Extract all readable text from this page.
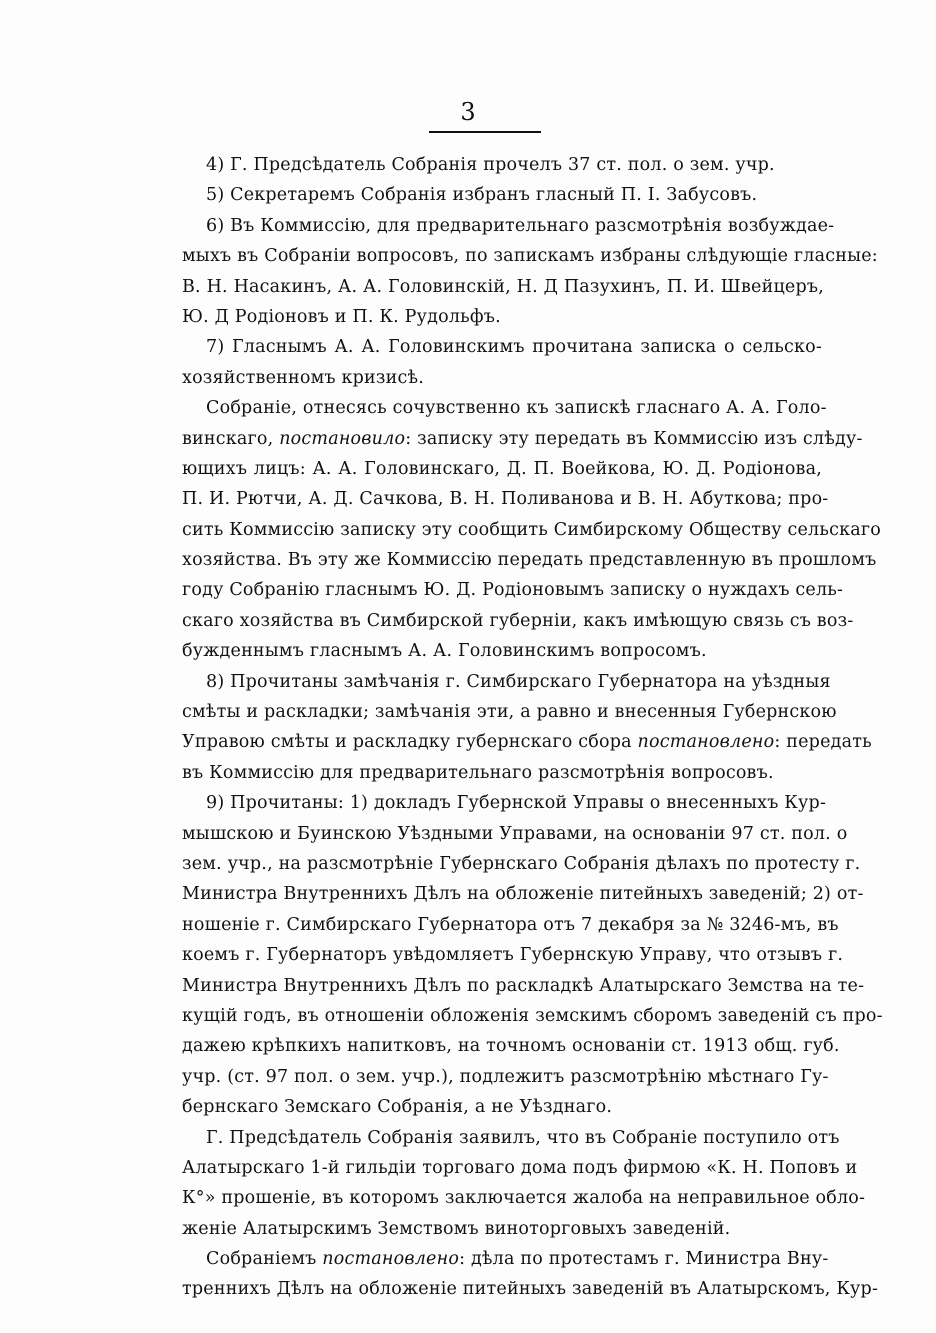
3

4) Г. Предсѣдатель Собранія прочелъ 37 ст. пол. о зем. учр.

5) Секретаремъ Собранія избранъ гласный П. І. Забусовъ.

6) Въ Коммиссію, для предварительнаго разсмотрѣнія возбуждае-
мыхъ въ Собраніи вопросовъ, по запискамъ избраны слѣдующіе гласные:
В. Н. Насакинъ, А. А. Головинскій, Н. Д Пазухинъ, П. И. Швейцеръ,
Ю. Д Родіоновъ и П. К. Рудольфъ.

7) Гласнымъ А. А. Головинскимъ прочитана записка о сельско-
хозяйственномъ кризисѣ.

Собраніе, отнесясь сочувственно къ запискѣ гласнаго А. А. Голо-
винскаго, постановило: записку эту передать въ Коммиссію изъ слѣду-
ющихъ лицъ: А. А. Головинскаго, Д. П. Воейкова, Ю. Д. Родіонова,
П. И. Рютчи, А. Д. Сачкова, В. Н. Поливанова и В. Н. Абуткова; про-
сить Коммиссію записку эту сообщить Симбирскому Обществу сельскаго
хозяйства. Въ эту же Коммиссію передать представленную въ прошломъ
году Собранію гласнымъ Ю. Д. Родіоновымъ записку о нуждахъ сель-
скаго хозяйства въ Симбирской губерніи, какъ имѣющую связь съ воз-
бужденнымъ гласнымъ А. А. Головинскимъ вопросомъ.

8) Прочитаны замѣчанія г. Симбирскаго Губернатора на уѣздныя
смѣты и раскладки; замѣчанія эти, а равно и внесенныя Губернскою
Управою смѣты и раскладку губернскаго сбора постановлено: передать
въ Коммиссію для предварительнаго разсмотрѣнія вопросовъ.

9) Прочитаны: 1) докладъ Губернской Управы о внесенныхъ Кур-
мышскою и Буинскою Уѣздными Управами, на основаніи 97 ст. пол. о
зем. учр., на разсмотрѣніе Губернскаго Собранія дѣлахъ по протесту г.
Министра Внутреннихъ Дѣлъ на обложеніе питейныхъ заведеній; 2) от-
ношеніе г. Симбирскаго Губернатора отъ 7 декабря за № 3246-мъ, въ
коемъ г. Губернаторъ увѣдомляетъ Губернскую Управу, что отзывъ г.
Министра Внутреннихъ Дѣлъ по раскладкѣ Алатырскаго Земства на те-
кущій годъ, въ отношеніи обложенія земскимъ сборомъ заведеній съ про-
дажею крѣпкихъ напитковъ, на точномъ основаніи ст. 1913 общ. губ.
учр. (ст. 97 пол. о зем. учр.), подлежитъ разсмотрѣнію мѣстнаго Гу-
бернскаго Земскаго Собранія, а не Уѣзднаго.

Г. Предсѣдатель Собранія заявилъ, что въ Собраніе поступило отъ
Алатырскаго 1-й гильдіи торговаго дома подъ фирмою «К. Н. Поповъ и
К°» прошеніе, въ которомъ заключается жалоба на неправильное обло-
женіе Алатырскимъ Земствомъ виноторговыхъ заведеній.

Собраніемъ постановлено: дѣла по протестамъ г. Министра Вну-
треннихъ Дѣлъ на обложеніе питейныхъ заведеній въ Алатырскомъ, Кур-
